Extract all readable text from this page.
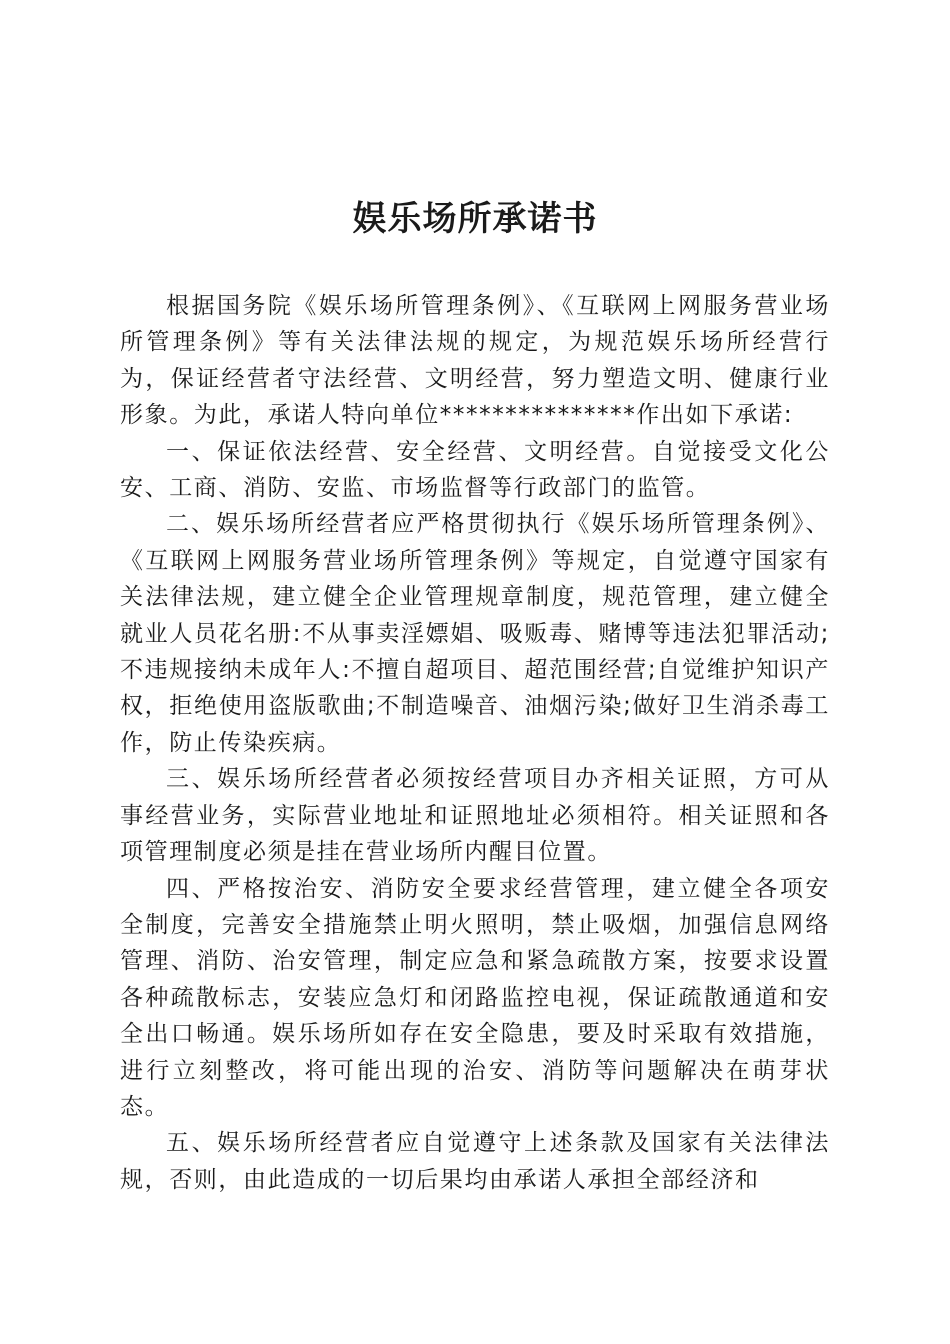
娱乐场所承诺书

根据国务院《娱乐场所管理条例》、《互联网上网服务营业场所管理条例》等有关法律法规的规定，为规范娱乐场所经营行为，保证经营者守法经营、文明经营，努力塑造文明、健康行业形象。为此，承诺人特向单位***************作出如下承诺:

一、保证依法经营、安全经营、文明经营。自觉接受文化公安、工商、消防、安监、市场监督等行政部门的监管。

二、娱乐场所经营者应严格贯彻执行《娱乐场所管理条例》、《互联网上网服务营业场所管理条例》等规定，自觉遵守国家有关法律法规，建立健全企业管理规章制度，规范管理，建立健全就业人员花名册:不从事卖淫嫖娼、吸贩毒、赌博等违法犯罪活动;不违规接纳未成年人:不擅自超项目、超范围经营;自觉维护知识产权，拒绝使用盗版歌曲;不制造噪音、油烟污染;做好卫生消杀毒工作，防止传染疾病。

三、娱乐场所经营者必须按经营项目办齐相关证照，方可从事经营业务，实际营业地址和证照地址必须相符。相关证照和各项管理制度必须是挂在营业场所内醒目位置。

四、严格按治安、消防安全要求经营管理，建立健全各项安全制度，完善安全措施禁止明火照明，禁止吸烟，加强信息网络管理、消防、治安管理，制定应急和紧急疏散方案，按要求设置各种疏散标志，安装应急灯和闭路监控电视，保证疏散通道和安全出口畅通。娱乐场所如存在安全隐患，要及时采取有效措施，进行立刻整改，将可能出现的治安、消防等问题解决在萌芽状态。

五、娱乐场所经营者应自觉遵守上述条款及国家有关法律法规，否则，由此造成的一切后果均由承诺人承担全部经济和
